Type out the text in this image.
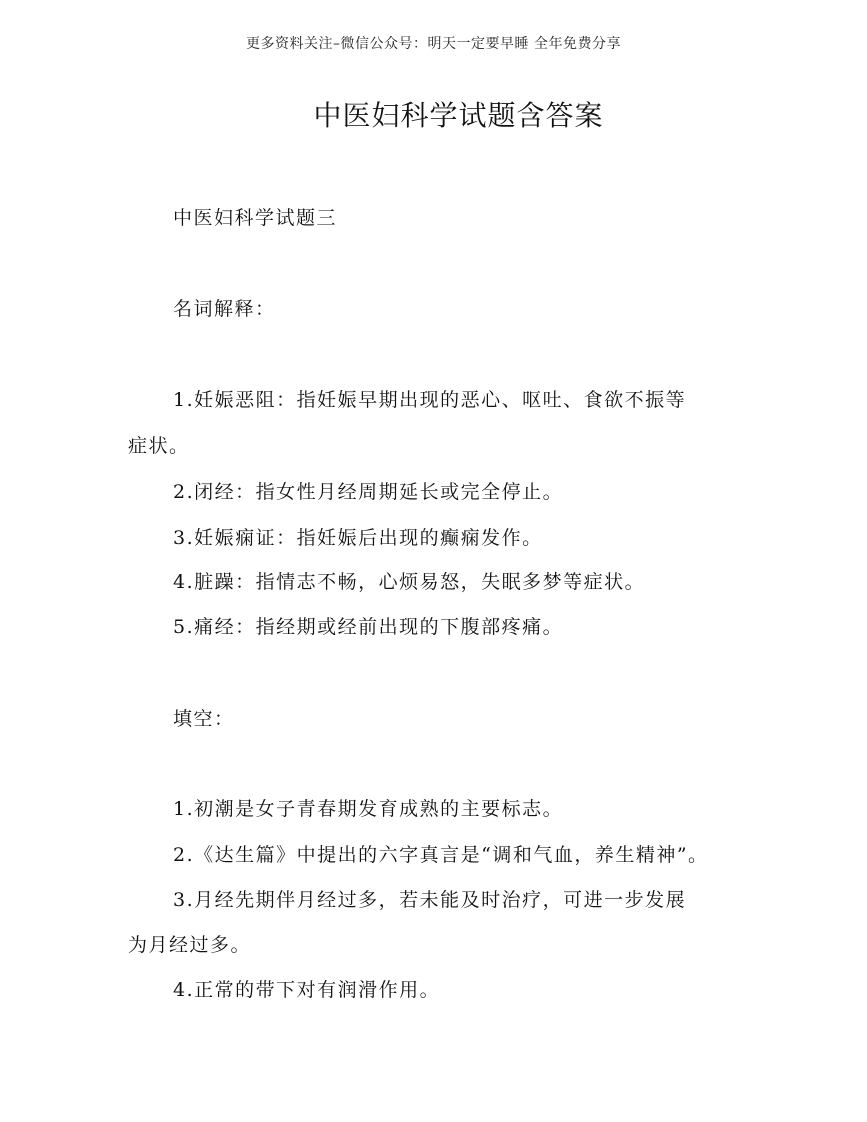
更多资料关注–微信公众号：明天一定要早睡 全年免费分享
中医妇科学试题含答案
中医妇科学试题三
名词解释：
1.妊娠恶阻：指妊娠早期出现的恶心、呕吐、食欲不振等
症状。
2.闭经：指女性月经周期延长或完全停止。
3.妊娠痫证：指妊娠后出现的癫痫发作。
4.脏躁：指情志不畅，心烦易怒，失眠多梦等症状。
5.痛经：指经期或经前出现的下腹部疼痛。
填空：
1.初潮是女子青春期发育成熟的主要标志。
2.《达生篇》中提出的六字真言是“调和气血，养生精神”。
3.月经先期伴月经过多，若未能及时治疗，可进一步发展
为月经过多。
4.正常的带下对有润滑作用。
